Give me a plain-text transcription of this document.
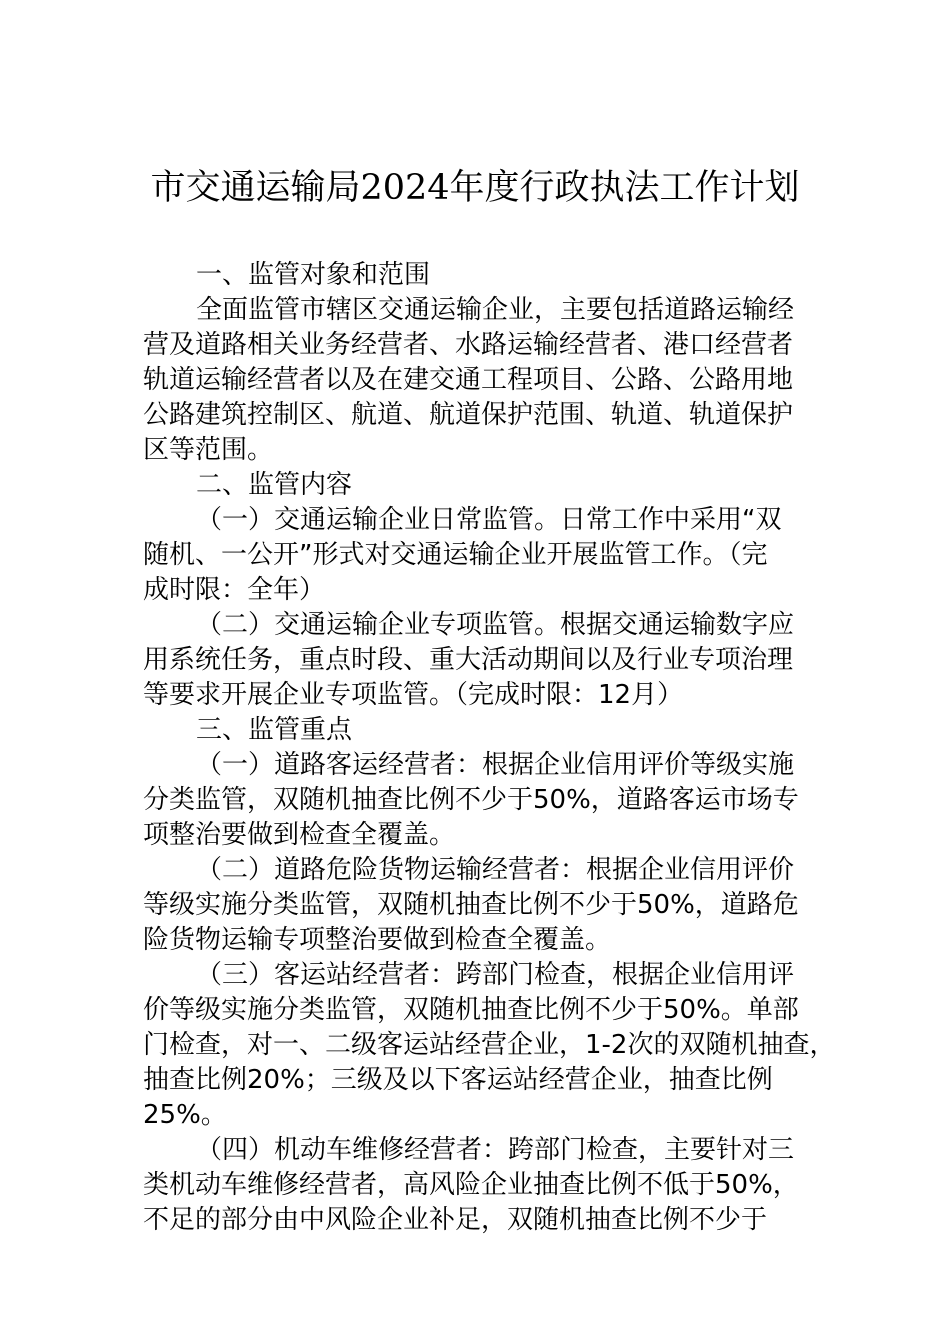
市交通运输局2024年度行政执法工作计划
一、监管对象和范围
全面监管市辖区交通运输企业，主要包括道路运输经
营及道路相关业务经营者、水路运输经营者、港口经营者
轨道运输经营者以及在建交通工程项目、公路、公路用地
公路建筑控制区、航道、航道保护范围、轨道、轨道保护
区等范围。
二、监管内容
（一）交通运输企业日常监管。日常工作中采用“双
随机、一公开”形式对交通运输企业开展监管工作。（完
成时限：全年）
（二）交通运输企业专项监管。根据交通运输数字应
用系统任务，重点时段、重大活动期间以及行业专项治理
等要求开展企业专项监管。（完成时限：12月）
三、监管重点
（一）道路客运经营者：根据企业信用评价等级实施
分类监管，双随机抽查比例不少于50%，道路客运市场专
项整治要做到检查全覆盖。
（二）道路危险货物运输经营者：根据企业信用评价
等级实施分类监管，双随机抽查比例不少于50%，道路危
险货物运输专项整治要做到检查全覆盖。
（三）客运站经营者：跨部门检查，根据企业信用评
价等级实施分类监管，双随机抽查比例不少于50%。单部
门检查，对一、二级客运站经营企业，1-2次的双随机抽查，
抽查比例20%；三级及以下客运站经营企业，抽查比例
25%。
（四）机动车维修经营者：跨部门检查，主要针对三
类机动车维修经营者，高风险企业抽查比例不低于50%，
不足的部分由中风险企业补足，双随机抽查比例不少于
